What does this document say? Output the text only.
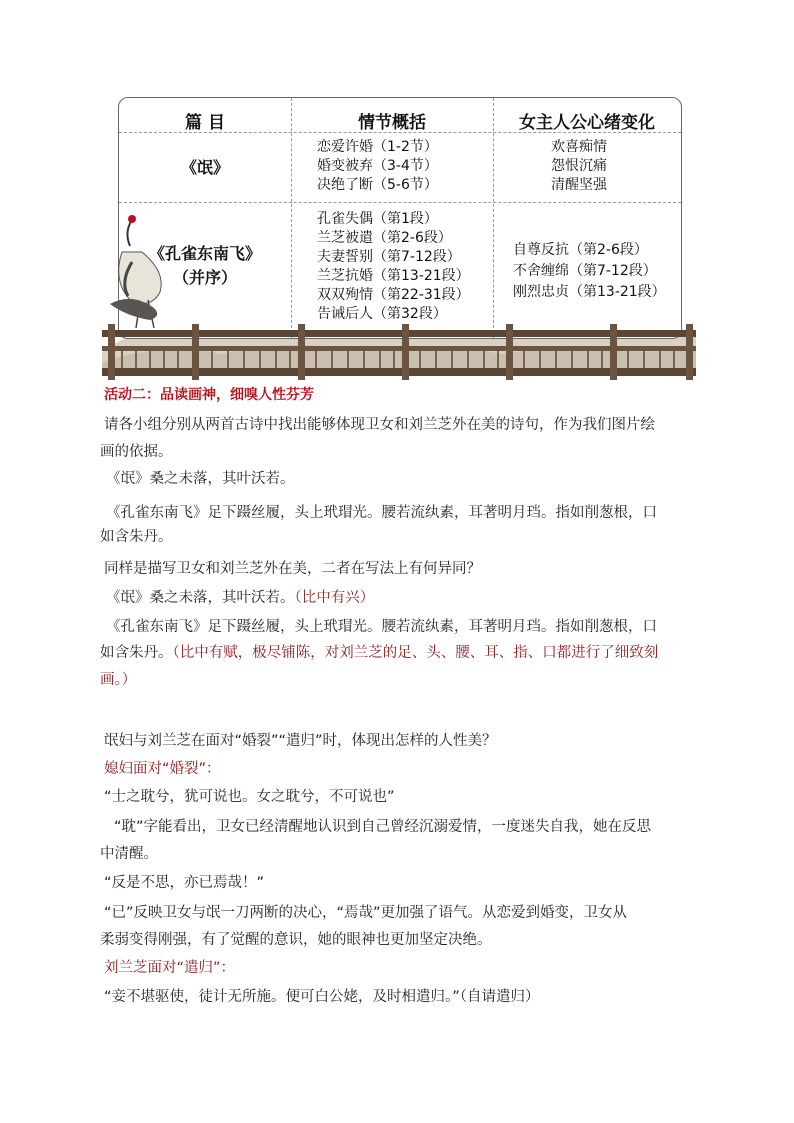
篇 目	情节概括	女主人公心绪变化
《氓》
恋爱许婚（1-2节）
婚变被弃（3-4节）
决绝了断（5-6节）
欢喜痴情
怨恨沉痛
清醒坚强
《孔雀东南飞》
（并序）
孔雀失偶（第1段）
兰芝被遣（第2-6段）
夫妻誓别（第7-12段）
兰芝抗婚（第13-21段）
双双殉情（第22-31段）
告诫后人（第32段）
自尊反抗（第2-6段）
不舍缠绵（第7-12段）
刚烈忠贞（第13-21段）
活动二：品读画神，细嗅人性芬芳
请各小组分别从两首古诗中找出能够体现卫女和刘兰芝外在美的诗句，作为我们图片绘
画的依据。
《氓》桑之未落，其叶沃若。
《孔雀东南飞》足下蹑丝履，头上玳瑁光。腰若流纨素，耳著明月珰。指如削葱根，口
如含朱丹。
同样是描写卫女和刘兰芝外在美，二者在写法上有何异同？
《氓》桑之未落，其叶沃若。（比中有兴）
《孔雀东南飞》足下蹑丝履，头上玳瑁光。腰若流纨素，耳著明月珰。指如削葱根，口
如含朱丹。（比中有赋，极尽铺陈，对刘兰芝的足、头、腰、耳、指、口都进行了细致刻
画。）
氓妇与刘兰芝在面对“婚裂”“遣归”时，体现出怎样的人性美？
媳妇面对“婚裂”：
“士之耽兮，犹可说也。女之耽兮，不可说也”
“耽”字能看出，卫女已经清醒地认识到自己曾经沉溺爱情，一度迷失自我，她在反思
中清醒。
“反是不思，亦已焉哉！”
“已”反映卫女与氓一刀两断的决心，“焉哉”更加强了语气。从恋爱到婚变，卫女从
柔弱变得刚强，有了觉醒的意识，她的眼神也更加坚定决绝。
刘兰芝面对“遣归”：
“妾不堪驱使，徒计无所施。便可白公姥，及时相遣归。”（自请遣归）
